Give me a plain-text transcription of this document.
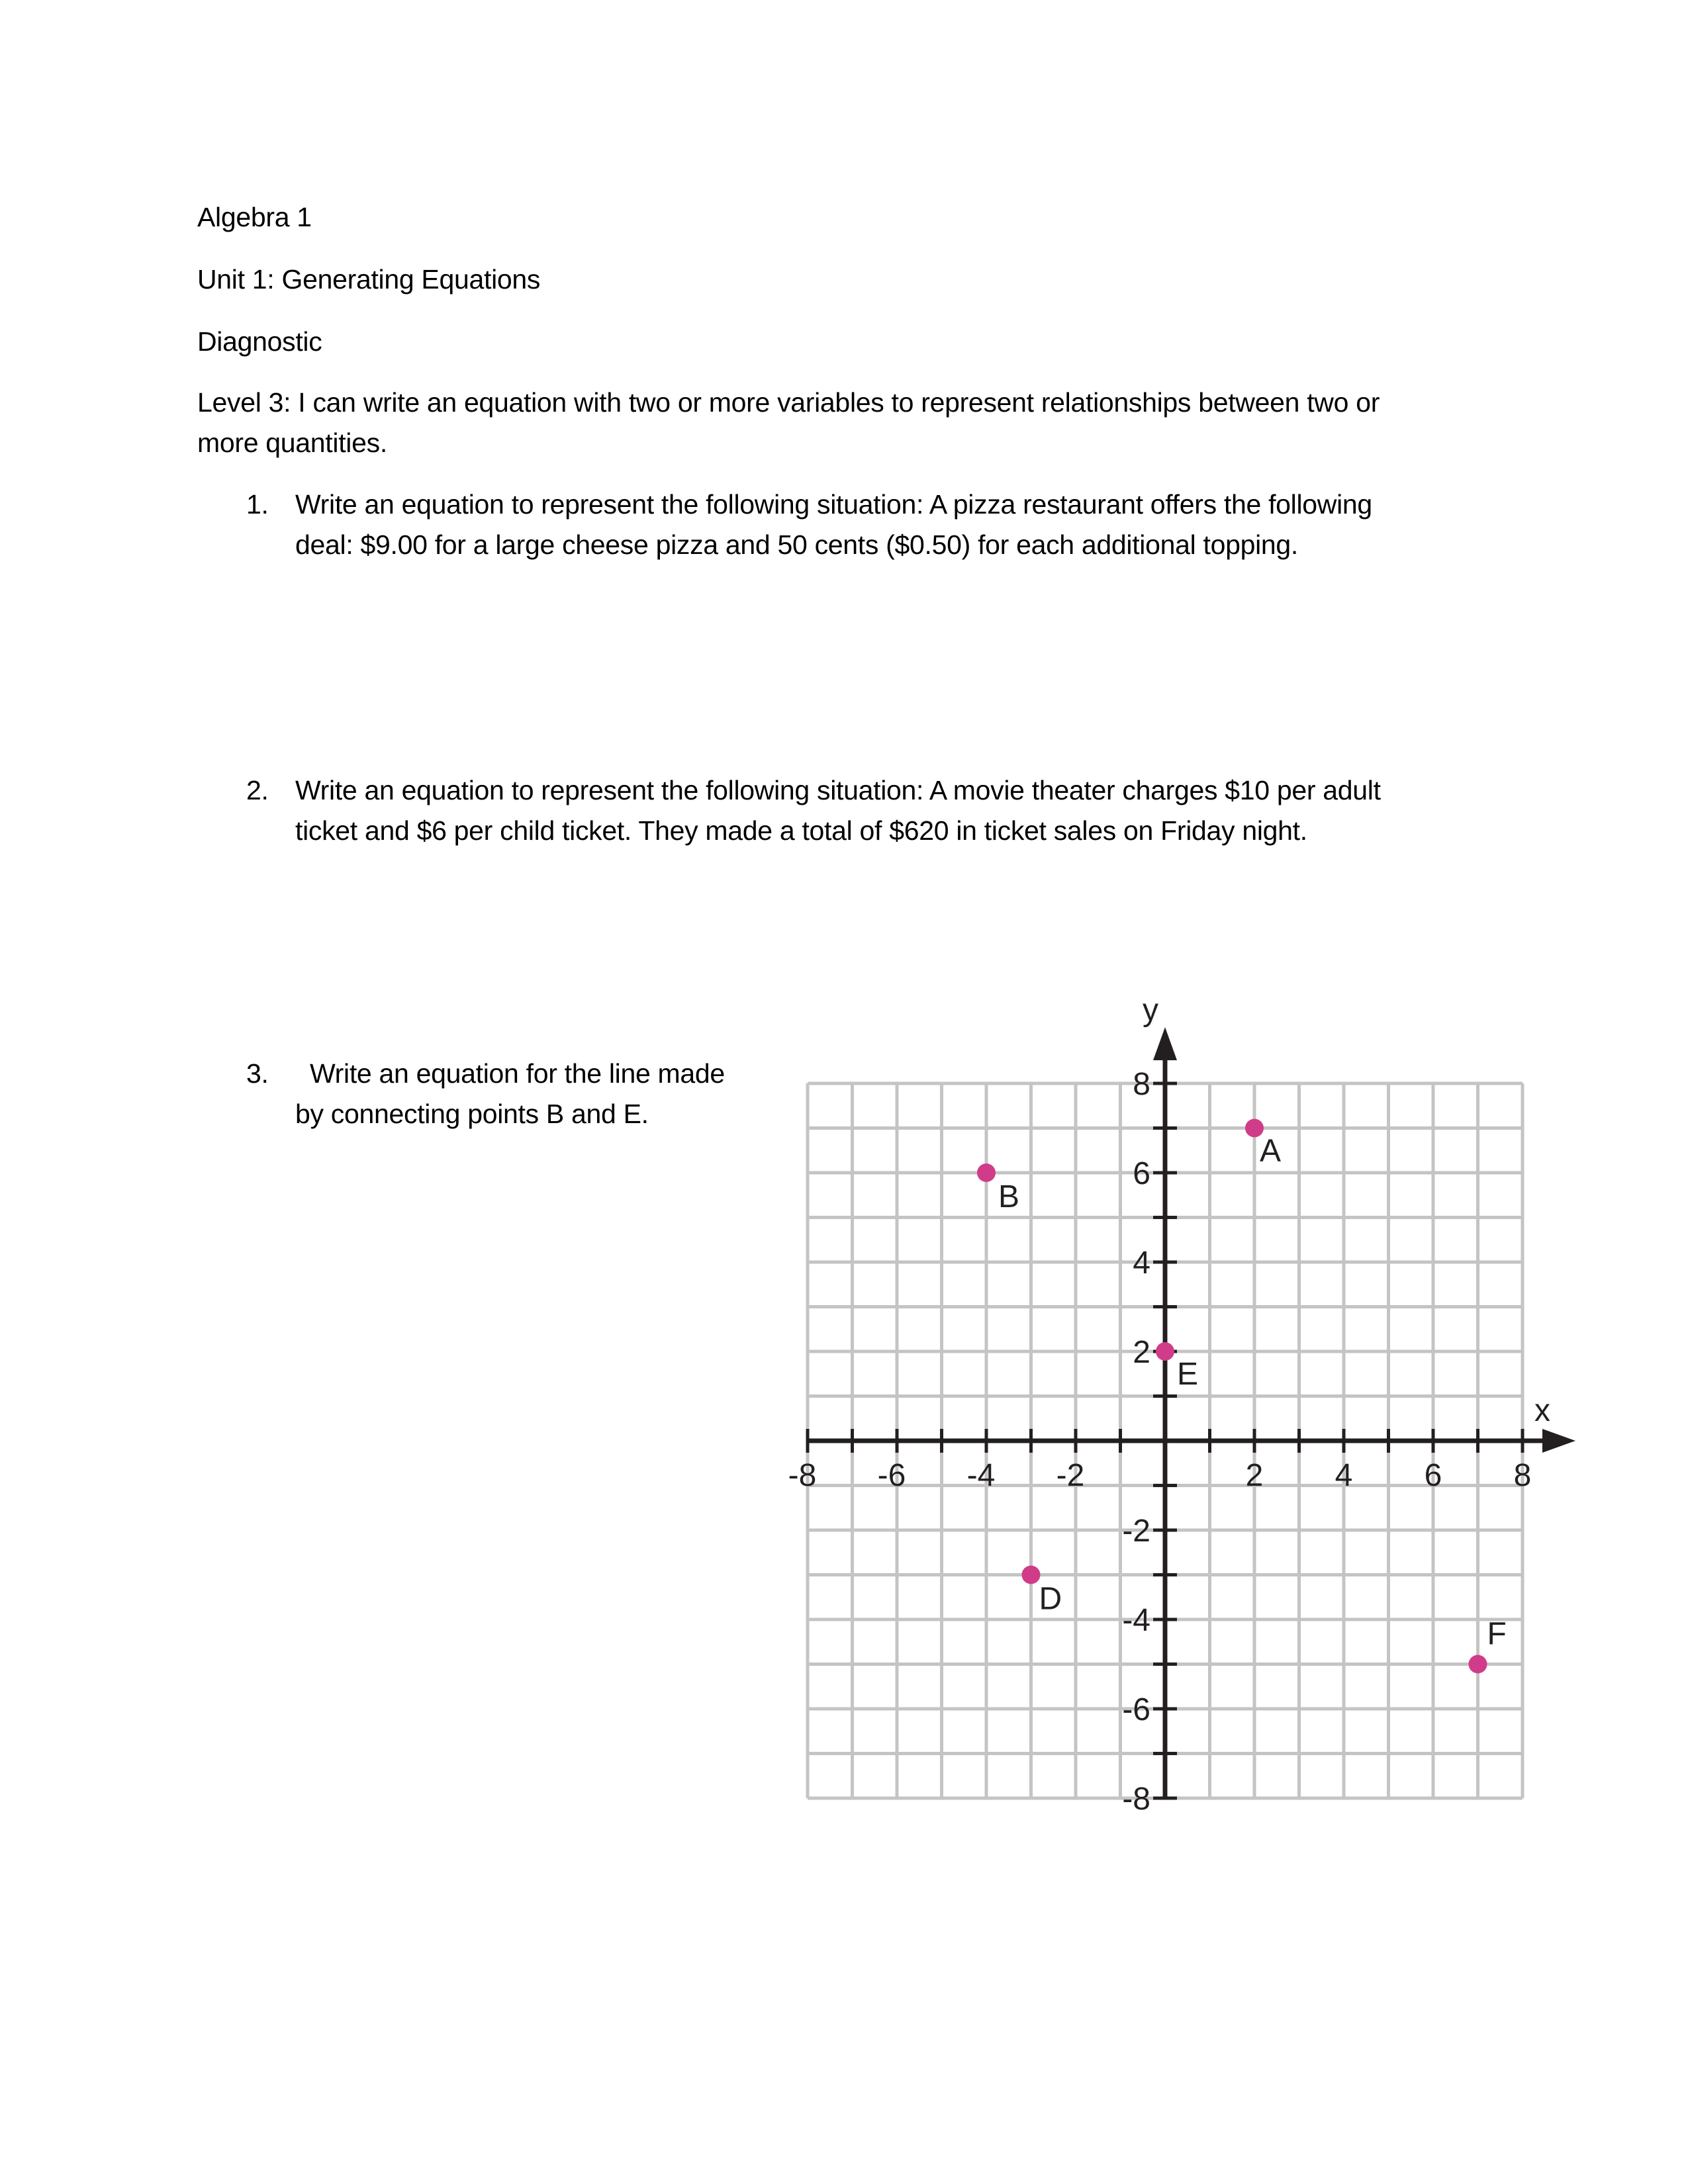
Algebra 1
Unit 1: Generating Equations
Diagnostic
Level 3: I can write an equation with two or more variables to represent relationships between two or
more quantities.
1. Write an equation to represent the following situation: A pizza restaurant offers the following
deal: $9.00 for a large cheese pizza and 50 cents ($0.50) for each additional topping.
2. Write an equation to represent the following situation: A movie theater charges $10 per adult
ticket and $6 per child ticket. They made a total of $620 in ticket sales on Friday night.
3. Write an equation for the line made
by connecting points B and E.
-8 -6 -4 -2	2 4 6 8
8
6
4
2
-2
-4
-6
-8
x
y
A
B
D
E
F
